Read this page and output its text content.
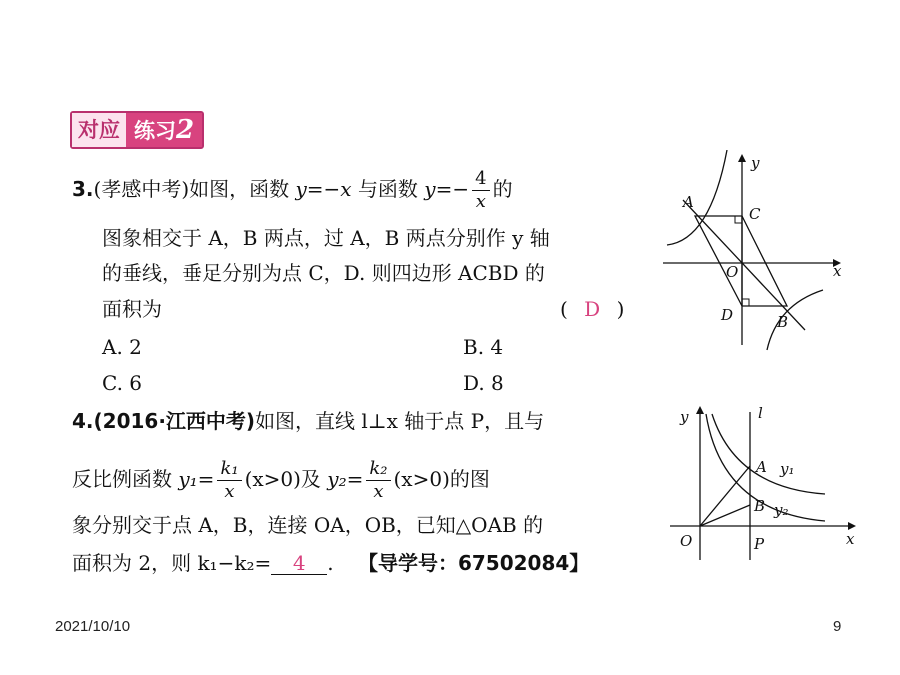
对应 练习2
3.(孝感中考)如图，函数 y=−x 与函数 $y=- \frac{4}{x}$ 的
图象相交于 A，B 两点，过 A，B 两点分别作 y 轴
的垂线，垂足分别为点 C，D. 则四边形 ACBD 的
面积为	( D )
A. 2	B. 4
C. 6	D. 8
4.(2016·江西中考)如图，直线 l⊥x 轴于点 P，且与
反比例函数 $y_1= \frac{\text{k₁}}{x} (x>0)$及 $y_2= \frac{\text{k₂}}{x} (x>0)$的图
象分别交于点 A，B，连接 OA，OB，已知△OAB 的
面积为 2，则 k₁−k₂= 4 . 【导学号：67502084】
y
A
C
O	x
D	B
y	l
A y₁
B y₂
O	P	x
2021/10/10	9
